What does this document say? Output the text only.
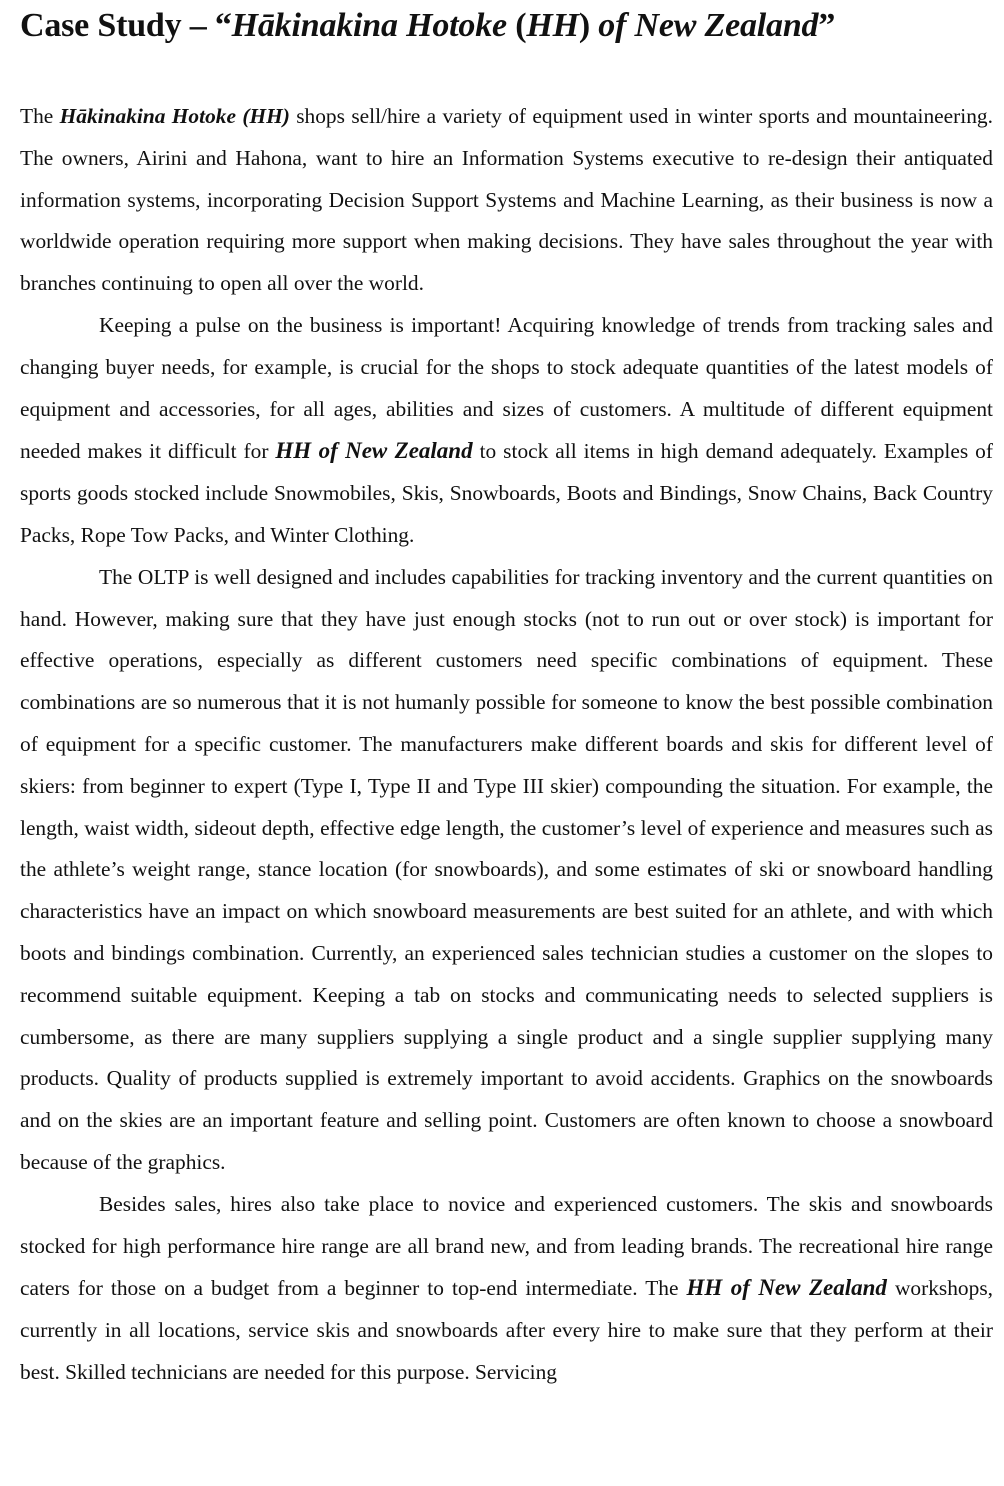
Case Study – “Hākinakina Hotoke (HH) of New Zealand”

The Hākinakina Hotoke (HH) shops sell/hire a variety of equipment used in winter sports and mountaineering. The owners, Airini and Hahona, want to hire an Information Systems executive to re-design their antiquated information systems, incorporating Decision Support Systems and Machine Learning, as their business is now a worldwide operation requiring more support when making decisions. They have sales throughout the year with branches continuing to open all over the world.

Keeping a pulse on the business is important! Acquiring knowledge of trends from tracking sales and changing buyer needs, for example, is crucial for the shops to stock adequate quantities of the latest models of equipment and accessories, for all ages, abilities and sizes of customers. A multitude of different equipment needed makes it difficult for HH of New Zealand to stock all items in high demand adequately. Examples of sports goods stocked include Snowmobiles, Skis, Snowboards, Boots and Bindings, Snow Chains, Back Country Packs, Rope Tow Packs, and Winter Clothing.

The OLTP is well designed and includes capabilities for tracking inventory and the current quantities on hand. However, making sure that they have just enough stocks (not to run out or over stock) is important for effective operations, especially as different customers need specific combinations of equipment. These combinations are so numerous that it is not humanly possible for someone to know the best possible combination of equipment for a specific customer. The manufacturers make different boards and skis for different level of skiers: from beginner to expert (Type I, Type II and Type III skier) compounding the situation. For example, the length, waist width, sideout depth, effective edge length, the customer’s level of experience and measures such as the athlete’s weight range, stance location (for snowboards), and some estimates of ski or snowboard handling characteristics have an impact on which snowboard measurements are best suited for an athlete, and with which boots and bindings combination. Currently, an experienced sales technician studies a customer on the slopes to recommend suitable equipment. Keeping a tab on stocks and communicating needs to selected suppliers is cumbersome, as there are many suppliers supplying a single product and a single supplier supplying many products. Quality of products supplied is extremely important to avoid accidents. Graphics on the snowboards and on the skies are an important feature and selling point. Customers are often known to choose a snowboard because of the graphics.

Besides sales, hires also take place to novice and experienced customers. The skis and snowboards stocked for high performance hire range are all brand new, and from leading brands. The recreational hire range caters for those on a budget from a beginner to top-end intermediate. The HH of New Zealand workshops, currently in all locations, service skis and snowboards after every hire to make sure that they perform at their best. Skilled technicians are needed for this purpose. Servicing
